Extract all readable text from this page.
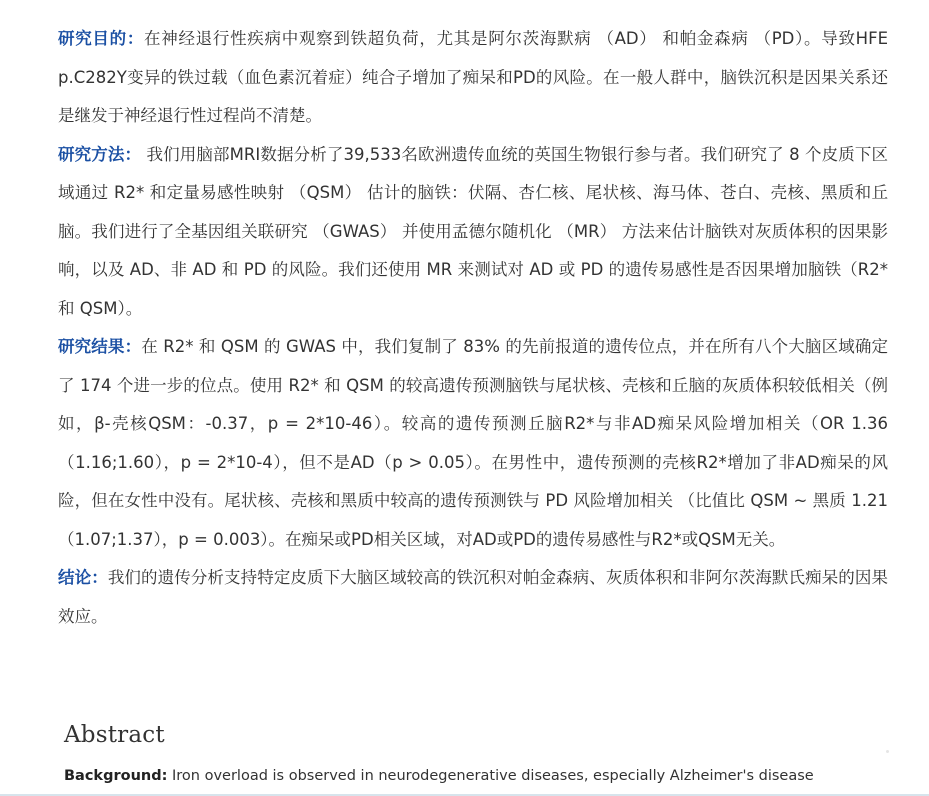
研究目的：在神经退行性疾病中观察到铁超负荷，尤其是阿尔茨海默病 （AD） 和帕金森病 （PD）。导致HFE p.C282Y变异的铁过载（血色素沉着症）纯合子增加了痴呆和PD的风险。在一般人群中，脑铁沉积是因果关系还是继发于神经退行性过程尚不清楚。

研究方法： 我们用脑部MRI数据分析了39,533名欧洲遗传血统的英国生物银行参与者。我们研究了 8 个皮质下区域通过 R2* 和定量易感性映射 （QSM） 估计的脑铁：伏隔、杏仁核、尾状核、海马体、苍白、壳核、黑质和丘脑。我们进行了全基因组关联研究 （GWAS） 并使用孟德尔随机化 （MR） 方法来估计脑铁对灰质体积的因果影响，以及 AD、非 AD 和 PD 的风险。我们还使用 MR 来测试对 AD 或 PD 的遗传易感性是否因果增加脑铁（R2* 和 QSM）。

研究结果：在 R2* 和 QSM 的 GWAS 中，我们复制了 83% 的先前报道的遗传位点，并在所有八个大脑区域确定了 174 个进一步的位点。使用 R2* 和 QSM 的较高遗传预测脑铁与尾状核、壳核和丘脑的灰质体积较低相关（例如，β-壳核QSM：-0.37，p = 2*10-46）。较高的遗传预测丘脑R2*与非AD痴呆风险增加相关（OR 1.36 （1.16;1.60），p = 2*10-4），但不是AD（p > 0.05）。在男性中，遗传预测的壳核R2*增加了非AD痴呆的风险，但在女性中没有。尾状核、壳核和黑质中较高的遗传预测铁与 PD 风险增加相关 （比值比 QSM ~ 黑质 1.21 （1.07;1.37），p = 0.003）。在痴呆或PD相关区域，对AD或PD的遗传易感性与R2*或QSM无关。

结论：我们的遗传分析支持特定皮质下大脑区域较高的铁沉积对帕金森病、灰质体积和非阿尔茨海默氏痴呆的因果效应。

Abstract
Background: Iron overload is observed in neurodegenerative diseases, especially Alzheimer's disease
